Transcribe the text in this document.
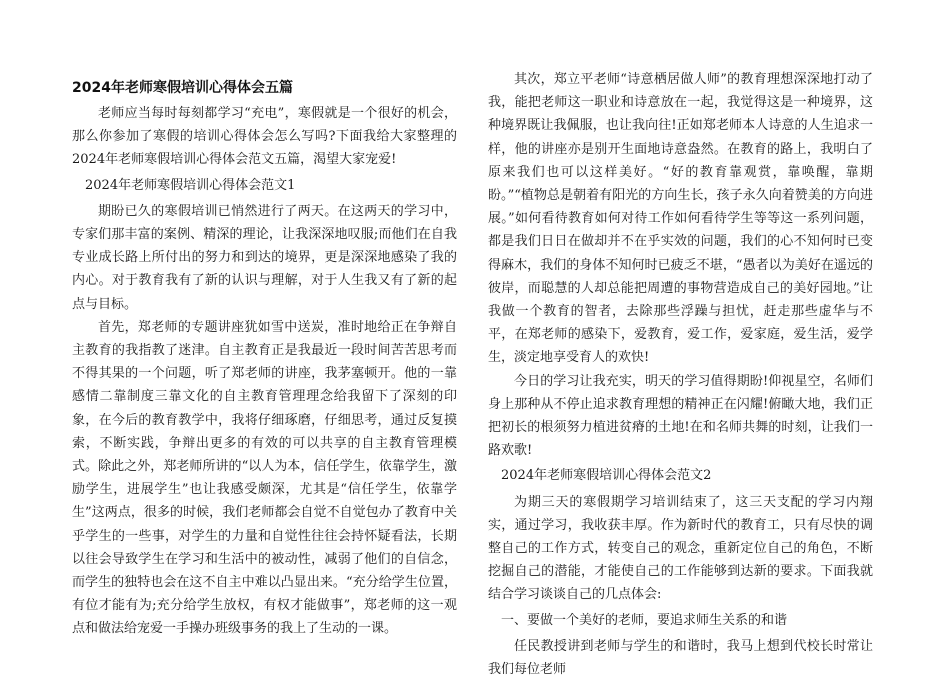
2024年老师寒假培训心得体会五篇

老师应当每时每刻都学习“充电”，寒假就是一个很好的机会，那么你参加了寒假的培训心得体会怎么写吗?下面我给大家整理的2024年老师寒假培训心得体会范文五篇，渴望大家宠爱!

2024年老师寒假培训心得体会范文1

期盼已久的寒假培训已悄然进行了两天。在这两天的学习中，专家们那丰富的案例、精深的理论，让我深深地叹服;而他们在自我专业成长路上所付出的努力和到达的境界，更是深深地感染了我的内心。对于教育我有了新的认识与理解，对于人生我又有了新的起点与目标。

首先，郑老师的专题讲座犹如雪中送炭，准时地给正在争辩自主教育的我指教了迷津。自主教育正是我最近一段时间苦苦思考而不得其果的一个问题，听了郑老师的讲座，我茅塞顿开。他的一靠感情二靠制度三靠文化的自主教育管理理念给我留下了深刻的印象，在今后的教育教学中，我将仔细琢磨，仔细思考，通过反复摸索，不断实践，争辩出更多的有效的可以共享的自主教育管理模式。除此之外，郑老师所讲的“以人为本，信任学生，依靠学生，激励学生，进展学生”也让我感受颇深，尤其是“信任学生，依靠学生”这两点，很多的时候，我们老师都会自觉不自觉包办了教育中关乎学生的一些事，对学生的力量和自觉性往往会持怀疑看法，长期以往会导致学生在学习和生活中的被动性，减弱了他们的自信念，而学生的独特也会在这不自主中难以凸显出来。“充分给学生位置，有位才能有为;充分给学生放权，有权才能做事”，郑老师的这一观点和做法给宠爱一手操办班级事务的我上了生动的一课。

其次，郑立平老师“诗意栖居做人师”的教育理想深深地打动了我，能把老师这一职业和诗意放在一起，我觉得这是一种境界，这种境界既让我佩服，也让我向往!正如郑老师本人诗意的人生追求一样，他的讲座亦是别开生面地诗意盎然。在教育的路上，我明白了原来我们也可以这样美好。“好的教育靠观赏，靠唤醒，靠期盼。”“植物总是朝着有阳光的方向生长，孩子永久向着赞美的方向进展。”如何看待教育如何对待工作如何看待学生等等这一系列问题，都是我们日日在做却并不在乎实效的问题，我们的心不知何时已变得麻木，我们的身体不知何时已疲乏不堪，“愚者以为美好在遥远的彼岸，而聪慧的人却总能把周遭的事物营造成自己的美好园地。”让我做一个教育的智者，去除那些浮躁与担忧，赶走那些虚华与不平，在郑老师的感染下，爱教育，爱工作，爱家庭，爱生活，爱学生，淡定地享受育人的欢快!

今日的学习让我充实，明天的学习值得期盼!仰视星空，名师们身上那种从不停止追求教育理想的精神正在闪耀!俯瞰大地，我们正把初长的根须努力植进贫瘠的土地!在和名师共舞的时刻，让我们一路欢歌!

2024年老师寒假培训心得体会范文2

为期三天的寒假期学习培训结束了，这三天支配的学习内翔实，通过学习，我收获丰厚。作为新时代的教育工，只有尽快的调整自己的工作方式，转变自己的观念，重新定位自己的角色，不断挖掘自己的潜能，才能使自己的工作能够到达新的要求。下面我就结合学习谈谈自己的几点体会:

一、要做一个美好的老师，要追求师生关系的和谐

任民教授讲到老师与学生的和谐时，我马上想到代校长时常让我们每位老师
